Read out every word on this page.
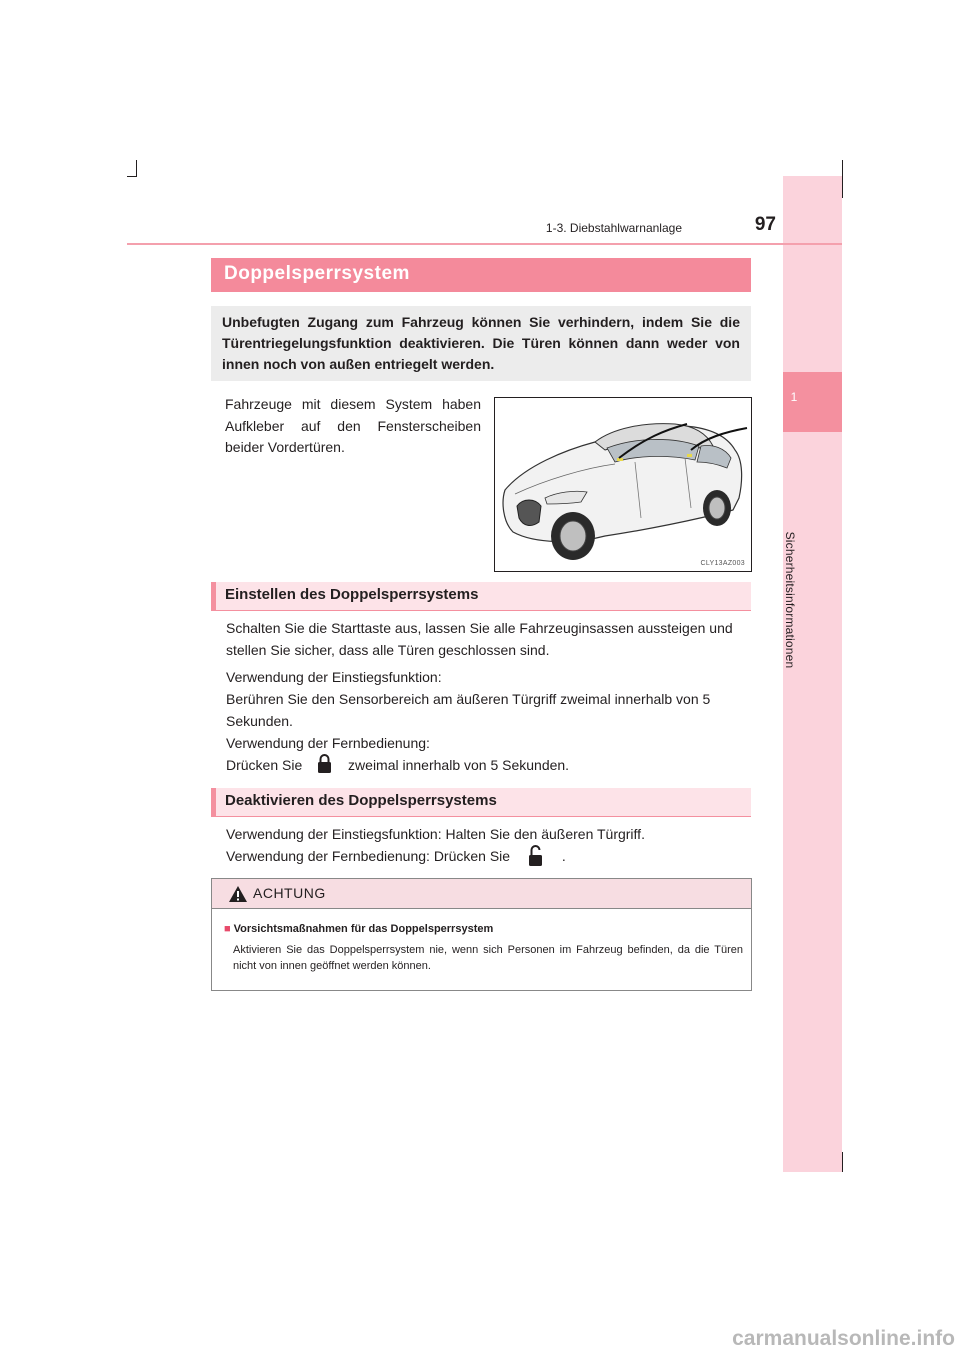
1
Sicherheitsinformationen
1-3. Diebstahlwarnanlage	97
Doppelsperrsystem

Unbefugten Zugang zum Fahrzeug können Sie verhindern, indem Sie die Türentriegelungsfunktion deaktivieren. Die Türen können dann weder von innen noch von außen entriegelt werden.

Fahrzeuge mit diesem System haben Aufkleber auf den Fensterscheiben beider Vordertüren.

CLY13AZ003
Einstellen des Doppelsperrsystems

Schalten Sie die Starttaste aus, lassen Sie alle Fahrzeuginsassen aussteigen und stellen Sie sicher, dass alle Türen geschlossen sind.

Verwendung der Einstiegsfunktion:

Berühren Sie den Sensorbereich am äußeren Türgriff zweimal innerhalb von 5 Sekunden.

Verwendung der Fernbedienung:

Drücken Sie	zweimal innerhalb von 5 Sekunden.

Deaktivieren des Doppelsperrsystems

Verwendung der Einstiegsfunktion: Halten Sie den äußeren Türgriff.

Verwendung der Fernbedienung: Drücken Sie	.

ACHTUNG
■ Vorsichtsmaßnahmen für das Doppelsperrsystem

Aktivieren Sie das Doppelsperrsystem nie, wenn sich Personen im Fahrzeug befinden, da die Türen nicht von innen geöffnet werden können.

carmanualsonline.info
